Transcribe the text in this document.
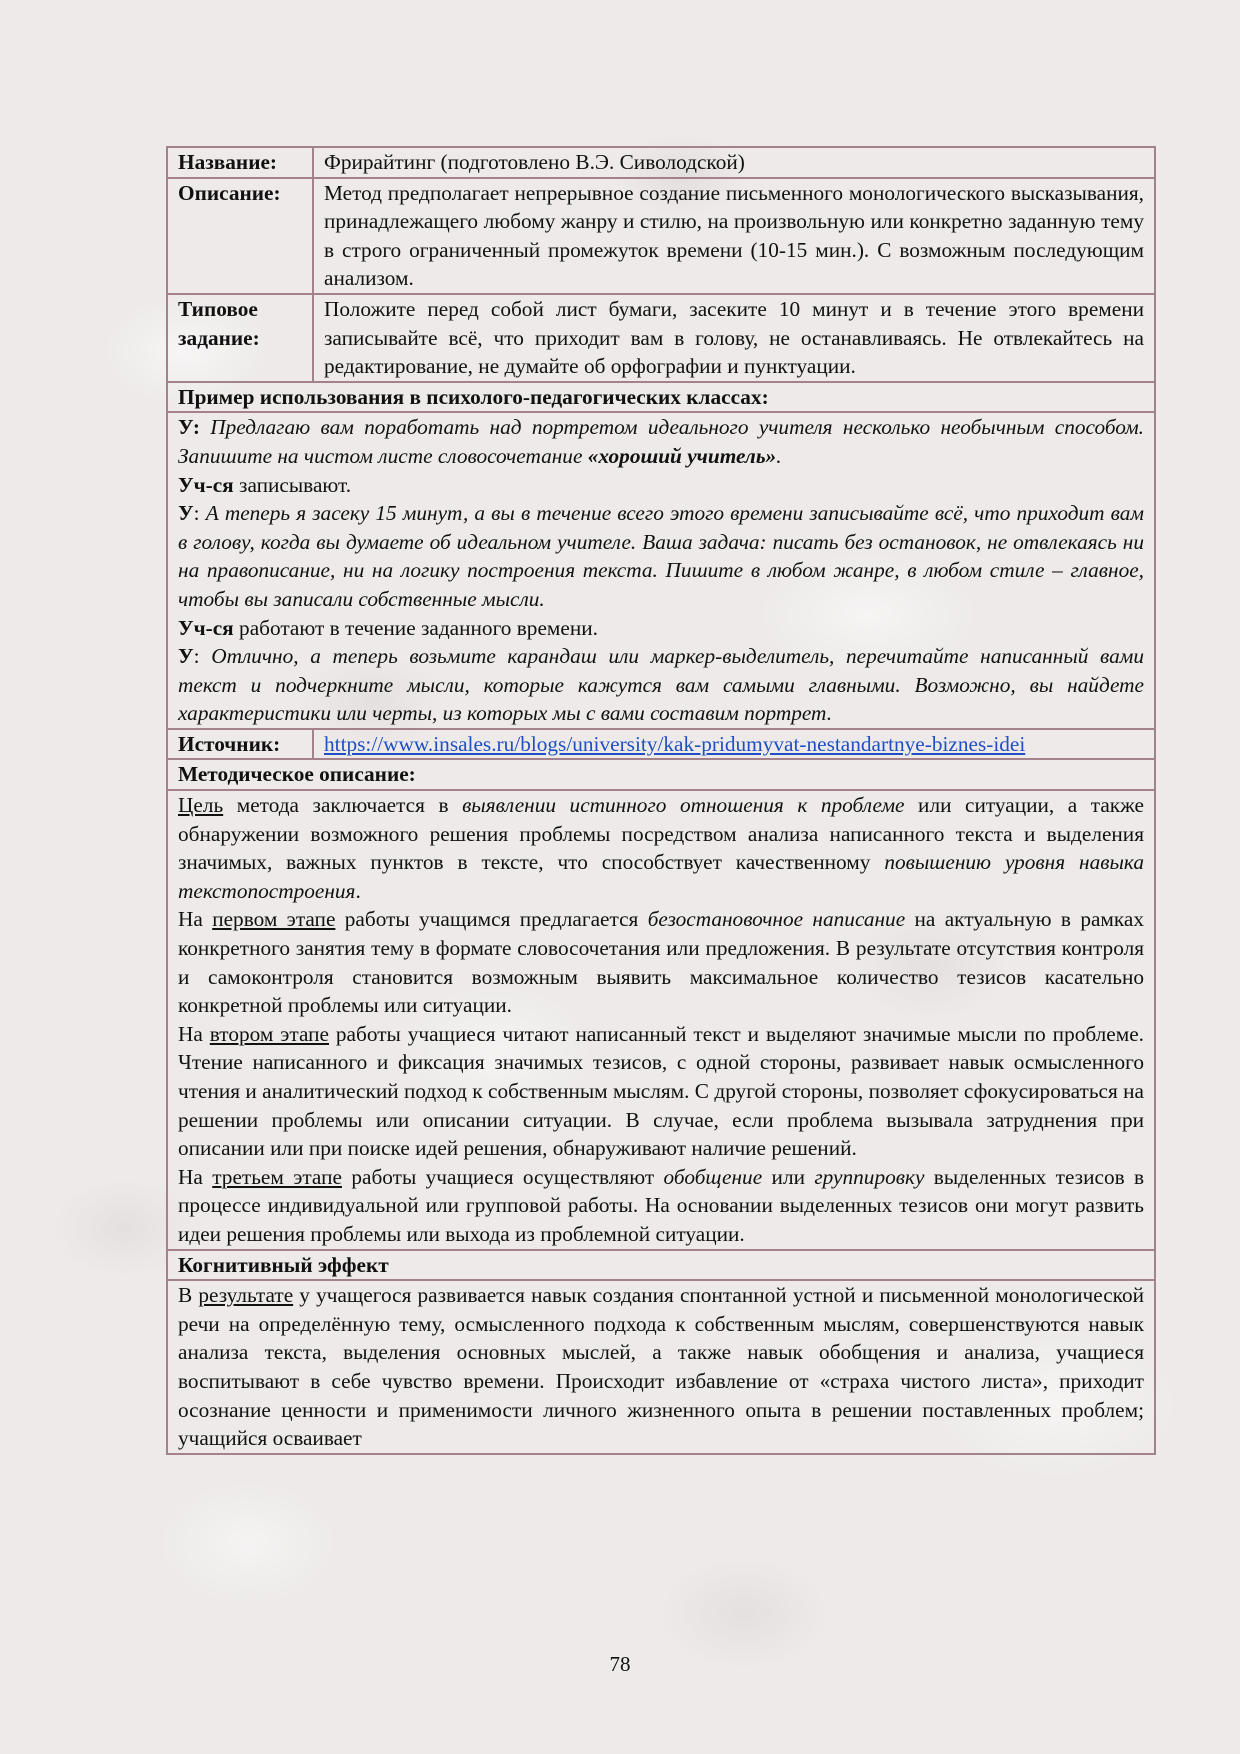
Название:	Фрирайтинг (подготовлено В.Э. Сиволодской)
Описание:	Метод предполагает непрерывное создание письменного монологического высказывания, принадлежащего любому жанру и стилю, на произвольную или конкретно заданную тему в строго ограниченный промежуток времени (10-15 мин.). С возможным последующим анализом.
Типовое задание:	Положите перед собой лист бумаги, засеките 10 минут и в течение этого времени записывайте всё, что приходит вам в голову, не останавливаясь. Не отвлекайтесь на редактирование, не думайте об орфографии и пунктуации.
Пример использования в психолого-педагогических классах:	

У: Предлагаю вам поработать над портретом идеального учителя несколько необычным способом. Запишите на чистом листе словосочетание «хороший учитель».
Уч-ся записывают.
У: А теперь я засеку 15 минут, а вы в течение всего этого времени записывайте всё, что приходит вам в голову, когда вы думаете об идеальном учителе. Ваша задача: писать без остановок, не отвлекаясь ни на правописание, ни на логику построения текста. Пишите в любом жанре, в любом стиле – главное, чтобы вы записали собственные мысли.
Уч-ся работают в течение заданного времени.
У: Отлично, а теперь возьмите карандаш или маркер-выделитель, перечитайте написанный вами текст и подчеркните мысли, которые кажутся вам самыми главными. Возможно, вы найдете характеристики или черты, из которых мы с вами составим портрет.	

Источник:	https://www.insales.ru/blogs/university/kak-pridumyvat-nestandartnye-biznes-idei
Методическое описание:	

Цель метода заключается в выявлении истинного отношения к проблеме или ситуации, а также обнаружении возможного решения проблемы посредством анализа написанного текста и выделения значимых, важных пунктов в тексте, что способствует качественному повышению уровня навыка текстопостроения.
На первом этапе работы учащимся предлагается безостановочное написание на актуальную в рамках конкретного занятия тему в формате словосочетания или предложения. В результате отсутствия контроля и самоконтроля становится возможным выявить максимальное количество тезисов касательно конкретной проблемы или ситуации.
На втором этапе работы учащиеся читают написанный текст и выделяют значимые мысли по проблеме. Чтение написанного и фиксация значимых тезисов, с одной стороны, развивает навык осмысленного чтения и аналитический подход к собственным мыслям. С другой стороны, позволяет сфокусироваться на решении проблемы или описании ситуации. В случае, если проблема вызывала затруднения при описании или при поиске идей решения, обнаруживают наличие решений.
На третьем этапе работы учащиеся осуществляют обобщение или группировку выделенных тезисов в процессе индивидуальной или групповой работы. На основании выделенных тезисов они могут развить идеи решения проблемы или выхода из проблемной ситуации.	

Когнитивный эффект	

В результате у учащегося развивается навык создания спонтанной устной и письменной монологической речи на определённую тему, осмысленного подхода к собственным мыслям, совершенствуются навык анализа текста, выделения основных мыслей, а также навык обобщения и анализа, учащиеся воспитывают в себе чувство времени. Происходит избавление от «страха чистого листа», приходит осознание ценности и применимости личного жизненного опыта в решении поставленных проблем; учащийся осваивает	
78
